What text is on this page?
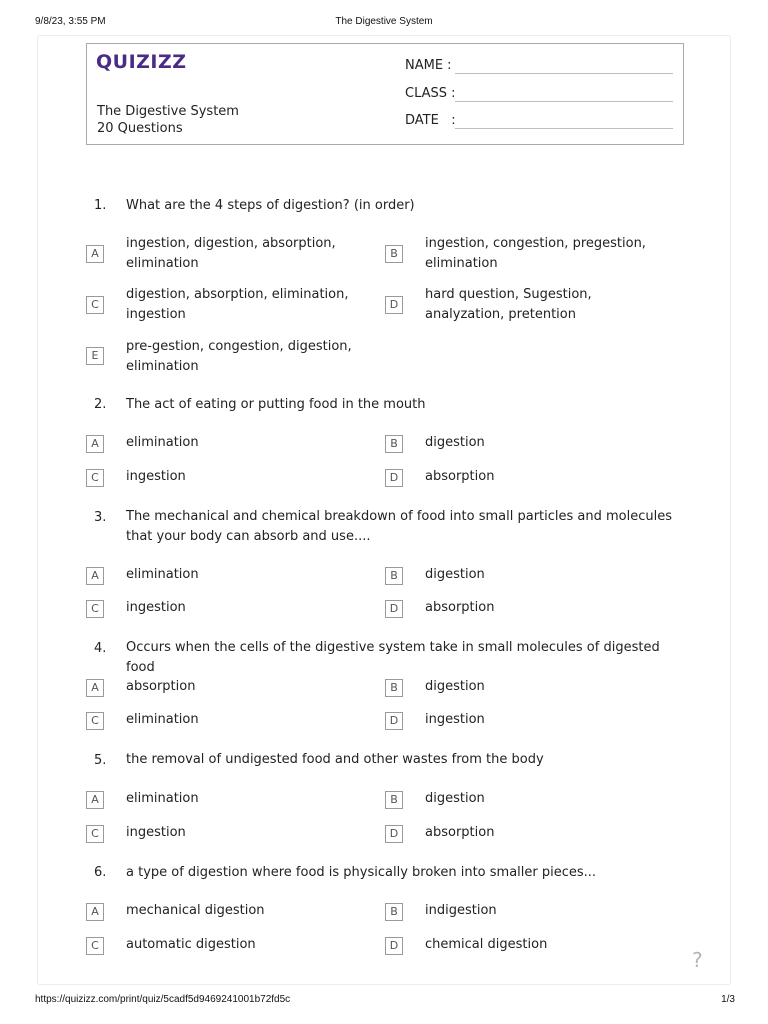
9/8/23, 3:55 PM	The Digestive System
QUIZIZZ
The Digestive System
20 Questions
NAME :
CLASS :
DATE   :
1.	What are the 4 steps of digestion? (in order)
A
ingestion, digestion, absorption, elimination
B
ingestion, congestion, pregestion, elimination
C
digestion, absorption, elimination, ingestion
D
hard question, Sugestion, analyzation, pretention
E
pre-gestion, congestion, digestion, elimination
2.	The act of eating or putting food in the mouth
A	elimination	B	digestion
C	ingestion	D	absorption
3.	The mechanical and chemical breakdown of food into small particles and molecules that your body can absorb and use....
A	elimination	B	digestion
C	ingestion	D	absorption
4.	Occurs when the cells of the digestive system take in small molecules of digested food
A	absorption	B	digestion
C	elimination	D	ingestion
5.	the removal of undigested food and other wastes from the body
A	elimination	B	digestion
C	ingestion	D	absorption
6.	a type of digestion where food is physically broken into smaller pieces...
A	mechanical digestion	B	indigestion
C	automatic digestion	D	chemical digestion
?
https://quizizz.com/print/quiz/5cadf5d9469241001b72fd5c	1/3
